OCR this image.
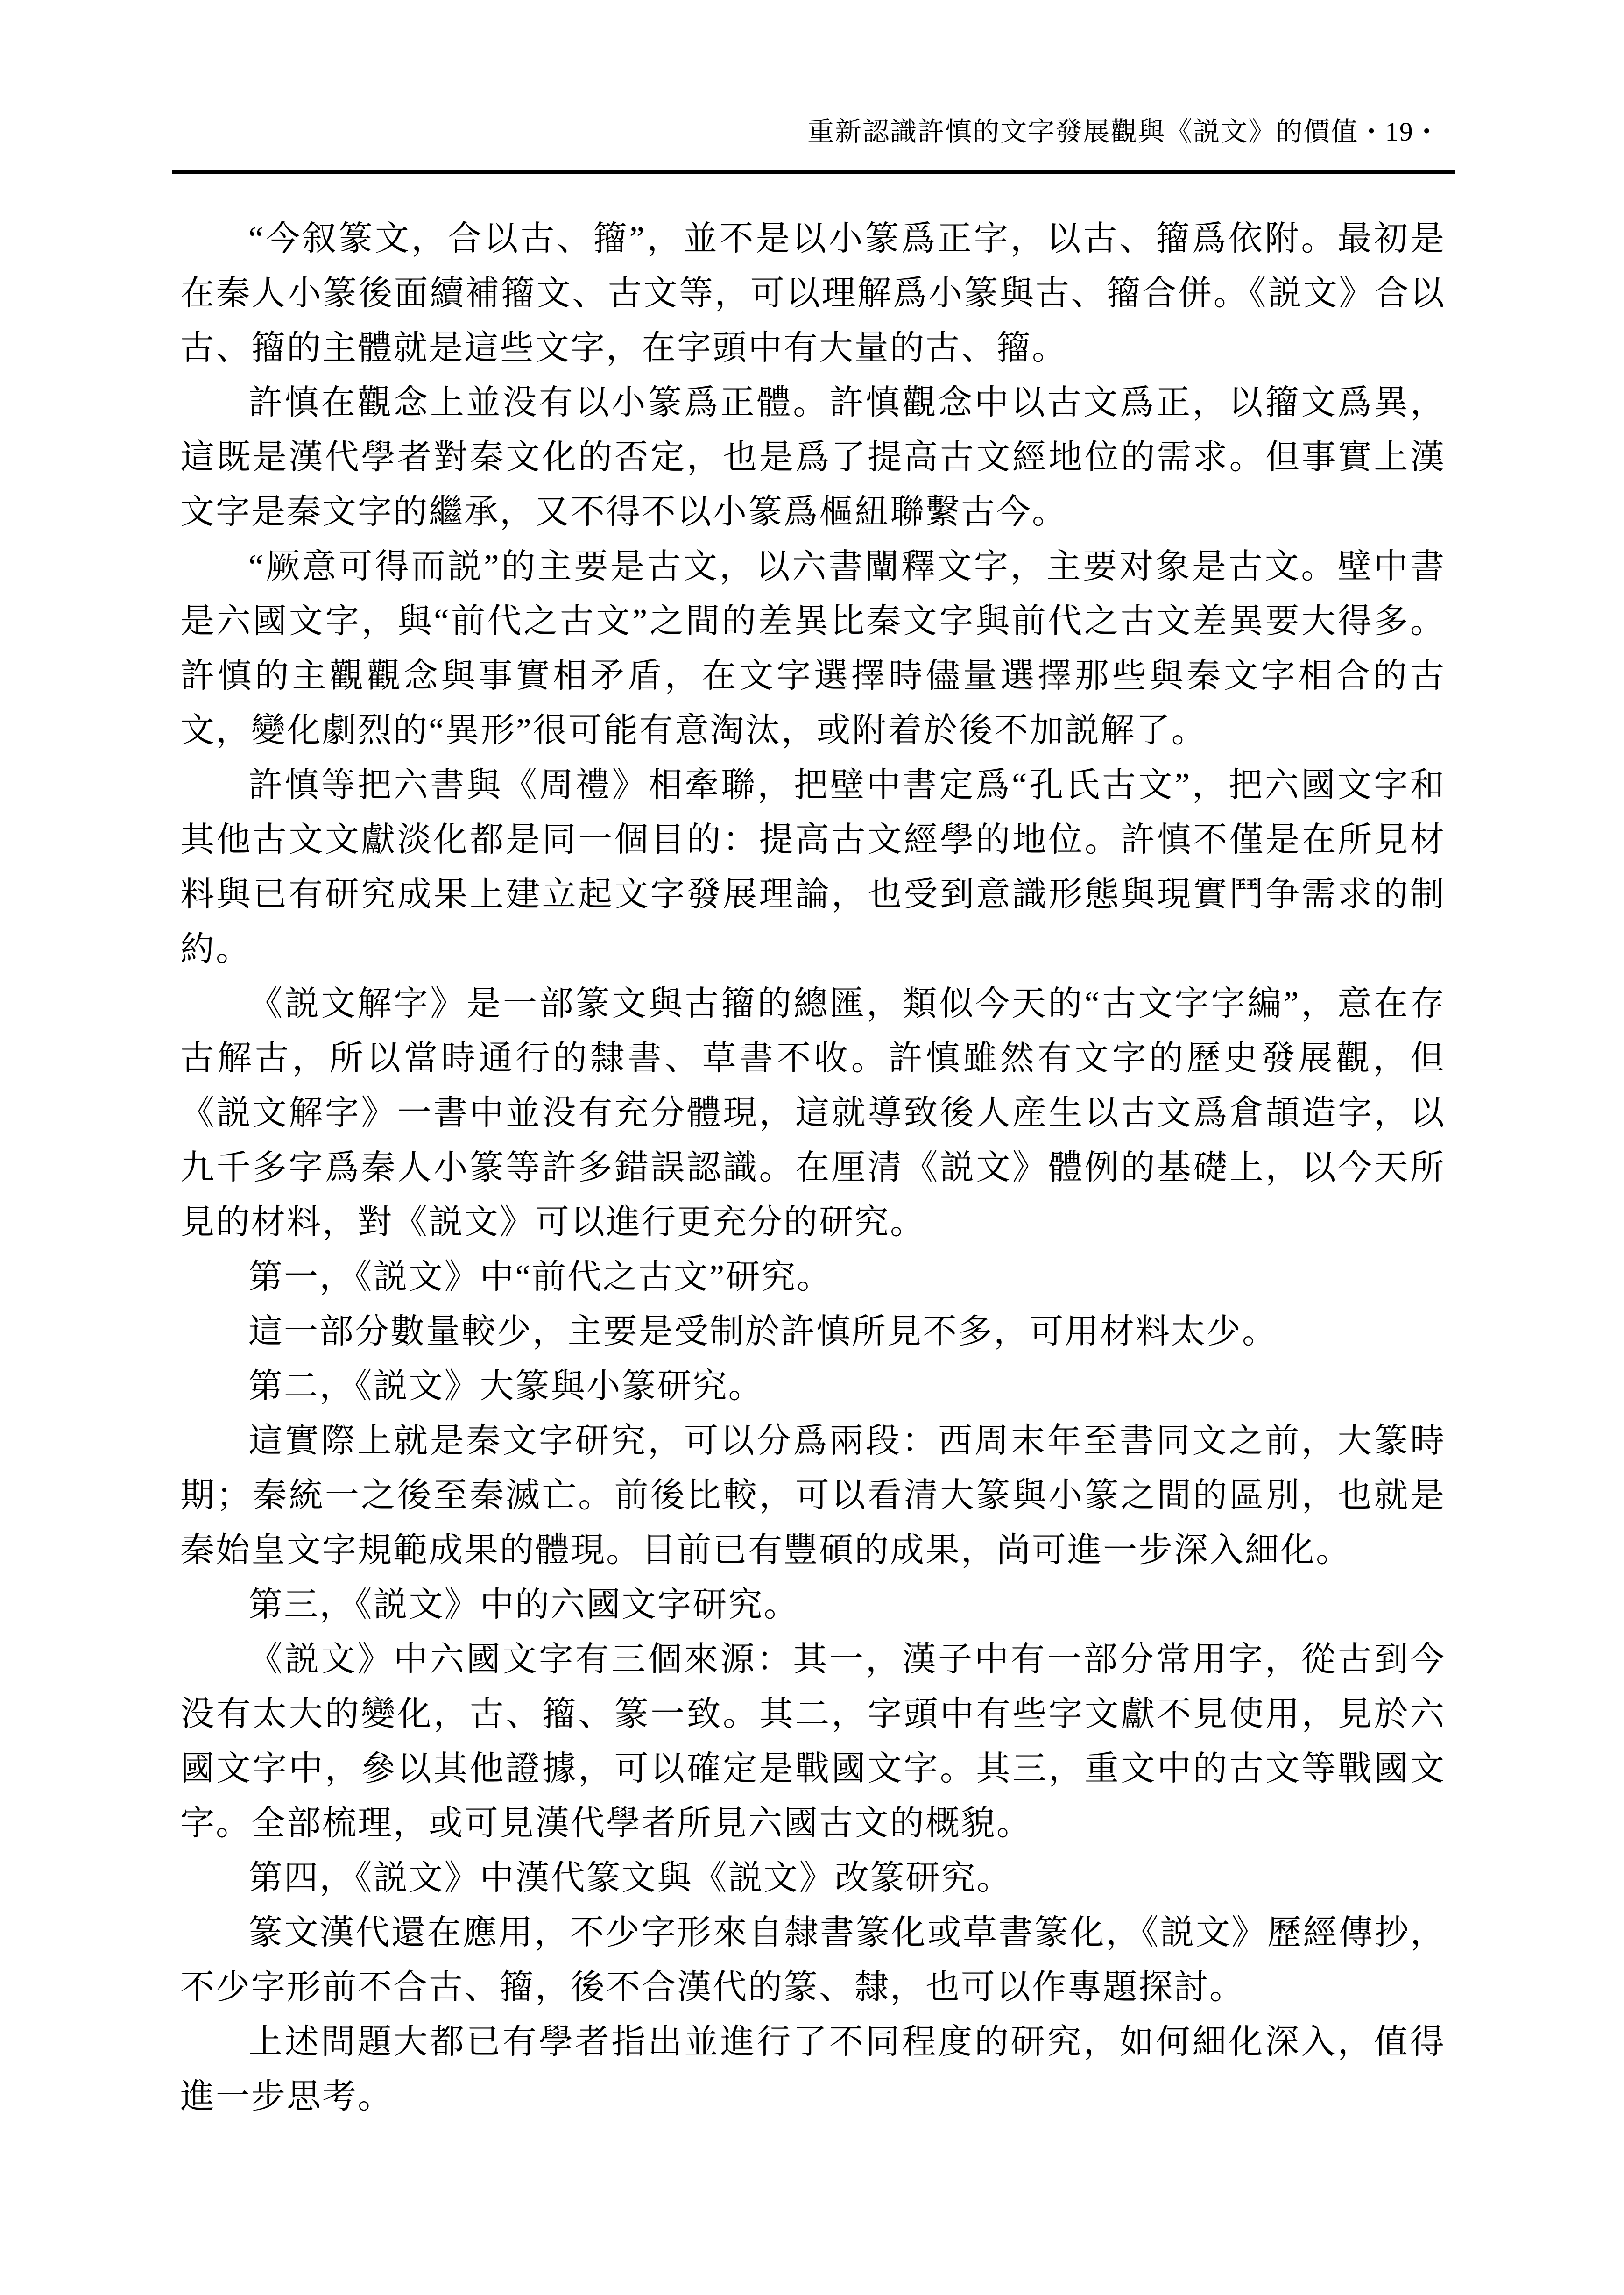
重新認識許慎的文字發展觀與《説文》的價值 • 19 •

“今叙篆文，合以古、籀”，並不是以小篆爲正字，以古、籀爲依附。最初是在秦人小篆後面續補籀文、古文等，可以理解爲小篆與古、籀合併。《説文》合以古、籀的主體就是這些文字，在字頭中有大量的古、籀。

許慎在觀念上並没有以小篆爲正體。許慎觀念中以古文爲正，以籀文爲異，這既是漢代學者對秦文化的否定，也是爲了提高古文經地位的需求。但事實上漢文字是秦文字的繼承，又不得不以小篆爲樞紐聯繫古今。

“厥意可得而説”的主要是古文，以六書闡釋文字，主要对象是古文。壁中書是六國文字，與“前代之古文”之間的差異比秦文字與前代之古文差異要大得多。許慎的主觀觀念與事實相矛盾，在文字選擇時儘量選擇那些與秦文字相合的古文，變化劇烈的“異形”很可能有意淘汰，或附着於後不加説解了。

許慎等把六書與《周禮》相牽聯，把壁中書定爲“孔氏古文”，把六國文字和其他古文文獻淡化都是同一個目的：提高古文經學的地位。許慎不僅是在所見材料與已有研究成果上建立起文字發展理論，也受到意識形態與現實鬥争需求的制約。

《説文解字》是一部篆文與古籀的總匯，類似今天的“古文字字編”，意在存古解古，所以當時通行的隸書、草書不收。許慎雖然有文字的歷史發展觀，但《説文解字》一書中並没有充分體現，這就導致後人産生以古文爲倉頡造字，以九千多字爲秦人小篆等許多錯誤認識。在厘清《説文》體例的基礎上，以今天所見的材料，對《説文》可以進行更充分的研究。

第一，《説文》中“前代之古文”研究。

這一部分數量較少，主要是受制於許慎所見不多，可用材料太少。

第二，《説文》大篆與小篆研究。

這實際上就是秦文字研究，可以分爲兩段：西周末年至書同文之前，大篆時期；秦統一之後至秦滅亡。前後比較，可以看清大篆與小篆之間的區別，也就是秦始皇文字規範成果的體現。目前已有豐碩的成果，尚可進一步深入細化。

第三，《説文》中的六國文字研究。

《説文》中六國文字有三個來源：其一，漢子中有一部分常用字，從古到今没有太大的變化，古、籀、篆一致。其二，字頭中有些字文獻不見使用，見於六國文字中，參以其他證據，可以確定是戰國文字。其三，重文中的古文等戰國文字。全部梳理，或可見漢代學者所見六國古文的概貌。

第四，《説文》中漢代篆文與《説文》改篆研究。

篆文漢代還在應用，不少字形來自隸書篆化或草書篆化，《説文》歷經傳抄，不少字形前不合古、籀，後不合漢代的篆、隸，也可以作專題探討。

上述問題大都已有學者指出並進行了不同程度的研究，如何細化深入，值得進一步思考。
